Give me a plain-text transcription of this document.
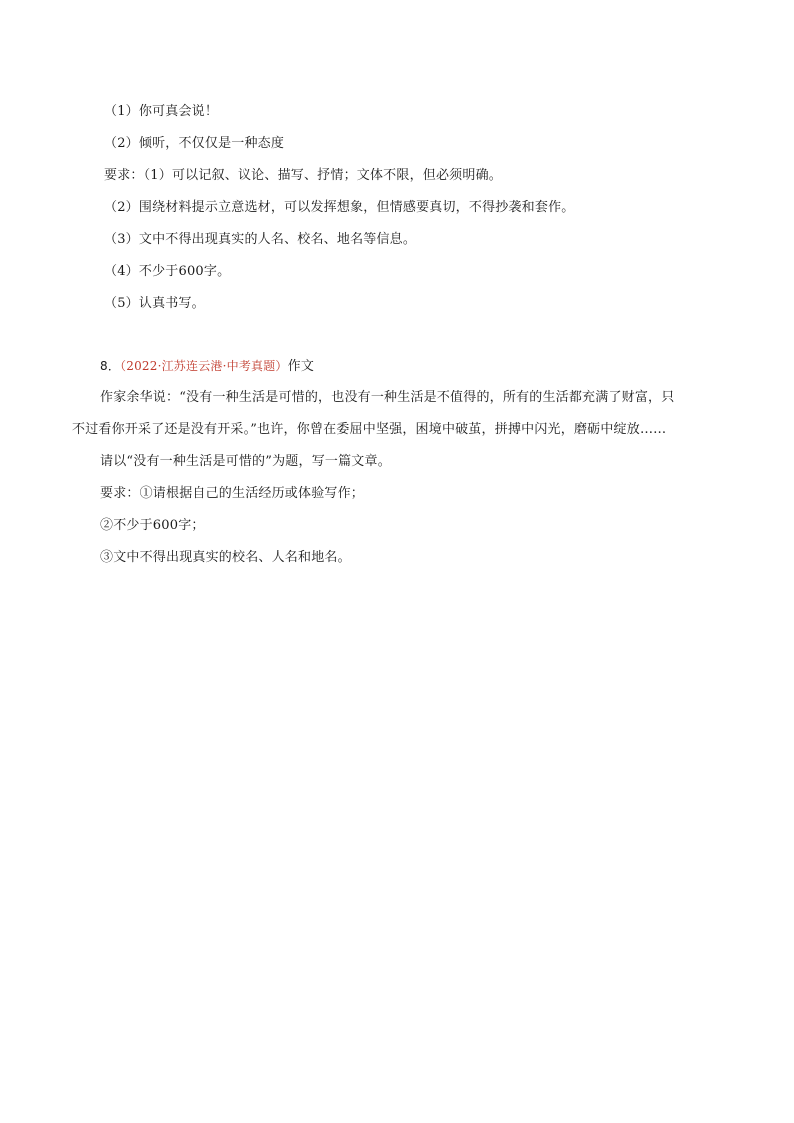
（1）你可真会说！
（2）倾听，不仅仅是一种态度
要求：（1）可以记叙、议论、描写、抒情；文体不限，但必须明确。
（2）围绕材料提示立意选材，可以发挥想象，但情感要真切，不得抄袭和套作。
（3）文中不得出现真实的人名、校名、地名等信息。
（4）不少于600字。
（5）认真书写。
8．（2022·江苏连云港·中考真题）作文
作家余华说：“没有一种生活是可惜的，也没有一种生活是不值得的，所有的生活都充满了财富，只
不过看你开采了还是没有开采。”也许，你曾在委屈中坚强，困境中破茧，拼搏中闪光，磨砺中绽放……
请以“没有一种生活是可惜的”为题，写一篇文章。
要求：①请根据自己的生活经历或体验写作；
②不少于600字；
③文中不得出现真实的校名、人名和地名。
